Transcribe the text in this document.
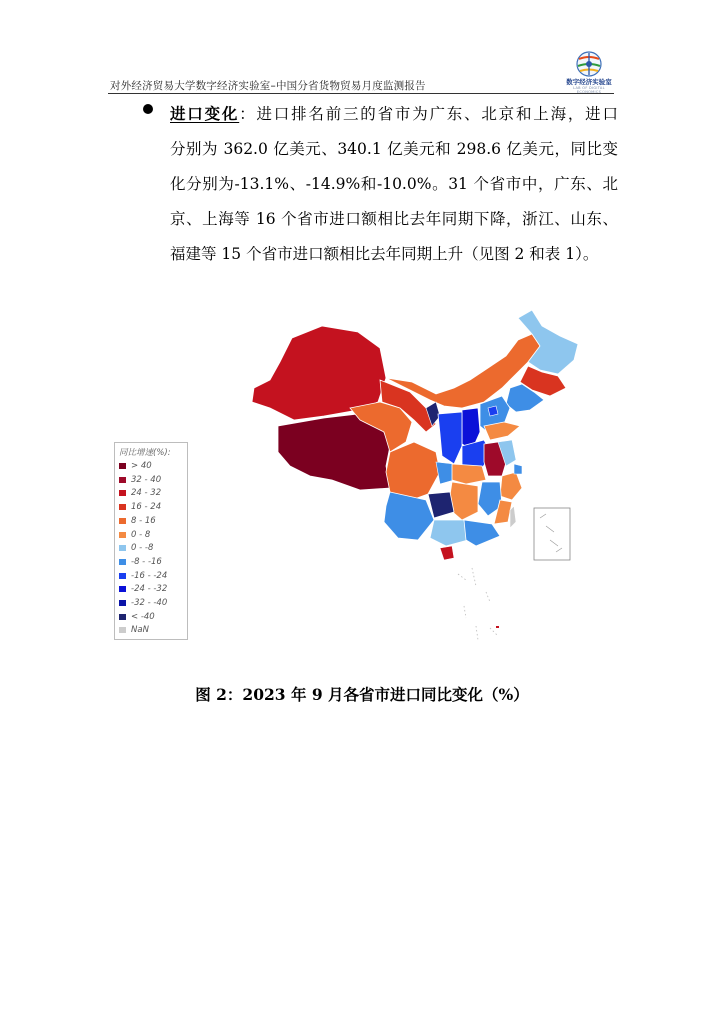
对外经济贸易大学数字经济实验室–中国分省货物贸易月度监测报告	数字经济实验室
LAB OF DIGITAL ECONOMICS
进口变化：进口排名前三的省市为广东、北京和上海，进口
分别为 362.0 亿美元、340.1 亿美元和 298.6 亿美元，同比变
化分别为-13.1%、-14.9%和-10.0%。31 个省市中，广东、北
京、上海等 16 个省市进口额相比去年同期下降，浙江、山东、
福建等 15 个省市进口额相比去年同期上升（见图 2 和表 1）。
同比增速(%):
> 40
32 - 40
24 - 32
16 - 24
8 - 16
0 - 8
0 - -8
-8 - -16
-16 - -24
-24 - -32
-32 - -40
< -40
NaN
图 2：2023 年 9 月各省市进口同比变化（%）
